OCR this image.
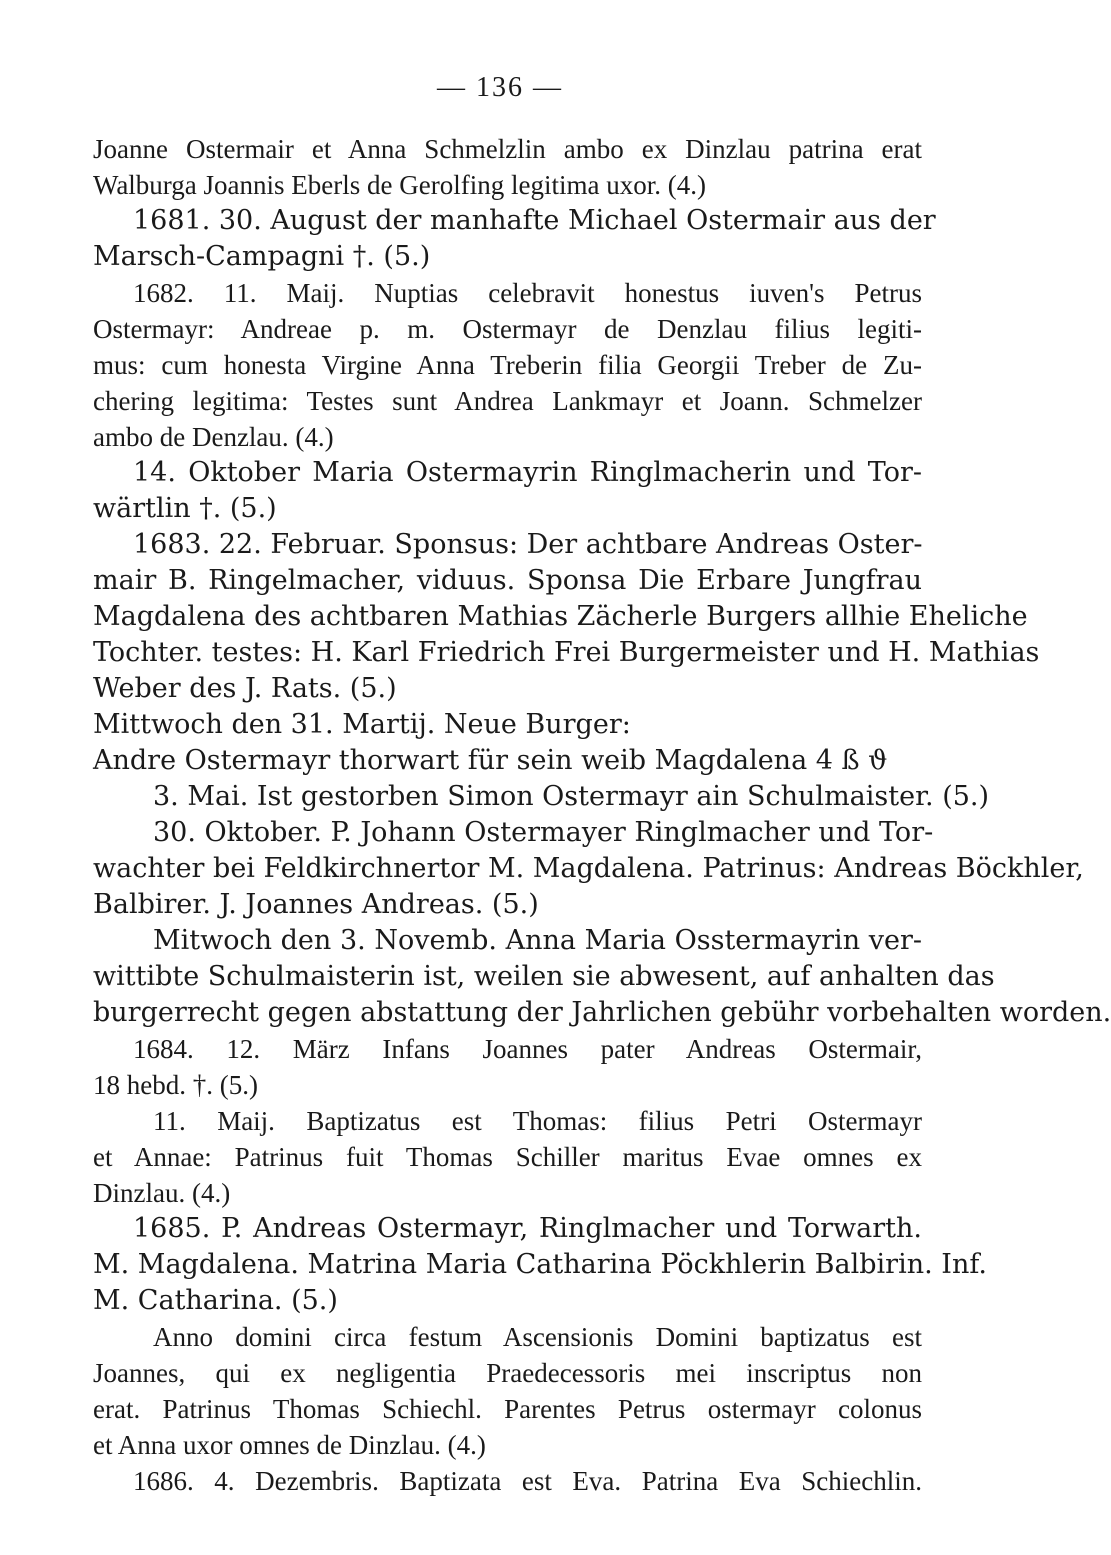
— 136 —
Joanne Ostermair et Anna Schmelzlin ambo ex Dinzlau patrina erat
Walburga Joannis Eberls de Gerolfing legitima uxor. (4.)
1681. 30. August der manhafte Michael Ostermair aus der
Marsch-Campagni †. (5.)
1682. 11. Maij. Nuptias celebravit honestus iuven's Petrus
Ostermayr: Andreae p. m. Ostermayr de Denzlau filius legiti-
mus: cum honesta Virgine Anna Treberin filia Georgii Treber de Zu-
chering legitima: Testes sunt Andrea Lankmayr et Joann. Schmelzer
ambo de Denzlau. (4.)
14. Oktober Maria Ostermayrin Ringlmacherin und Tor-
wärtlin †. (5.)
1683. 22. Februar. Sponsus: Der achtbare Andreas Oster-
mair B. Ringelmacher, viduus. Sponsa Die Erbare Jungfrau
Magdalena des achtbaren Mathias Zächerle Burgers allhie Eheliche
Tochter. testes: H. Karl Friedrich Frei Burgermeister und H. Mathias
Weber des J. Rats. (5.)
Mittwoch den 31. Martij. Neue Burger:
Andre Ostermayr thorwart für sein weib Magdalena 4 ß ϑ
3. Mai. Ist gestorben Simon Ostermayr ain Schulmaister. (5.)
30. Oktober. P. Johann Ostermayer Ringlmacher und Tor-
wachter bei Feldkirchnertor M. Magdalena. Patrinus: Andreas Böckhler,
Balbirer. J. Joannes Andreas. (5.)
Mitwoch den 3. Novemb. Anna Maria Osstermayrin ver-
wittibte Schulmaisterin ist, weilen sie abwesent, auf anhalten das
burgerrecht gegen abstattung der Jahrlichen gebühr vorbehalten worden.
1684. 12. März Infans Joannes pater Andreas Ostermair,
18 hebd. †. (5.)
11. Maij. Baptizatus est Thomas: filius Petri Ostermayr
et Annae: Patrinus fuit Thomas Schiller maritus Evae omnes ex
Dinzlau. (4.)
1685. P. Andreas Ostermayr, Ringlmacher und Torwarth.
M. Magdalena. Matrina Maria Catharina Pöckhlerin Balbirin. Inf.
M. Catharina. (5.)
Anno domini circa festum Ascensionis Domini baptizatus est
Joannes, qui ex negligentia Praedecessoris mei inscriptus non
erat. Patrinus Thomas Schiechl. Parentes Petrus ostermayr colonus
et Anna uxor omnes de Dinzlau. (4.)
1686. 4. Dezembris. Baptizata est Eva. Patrina Eva Schiechlin.
